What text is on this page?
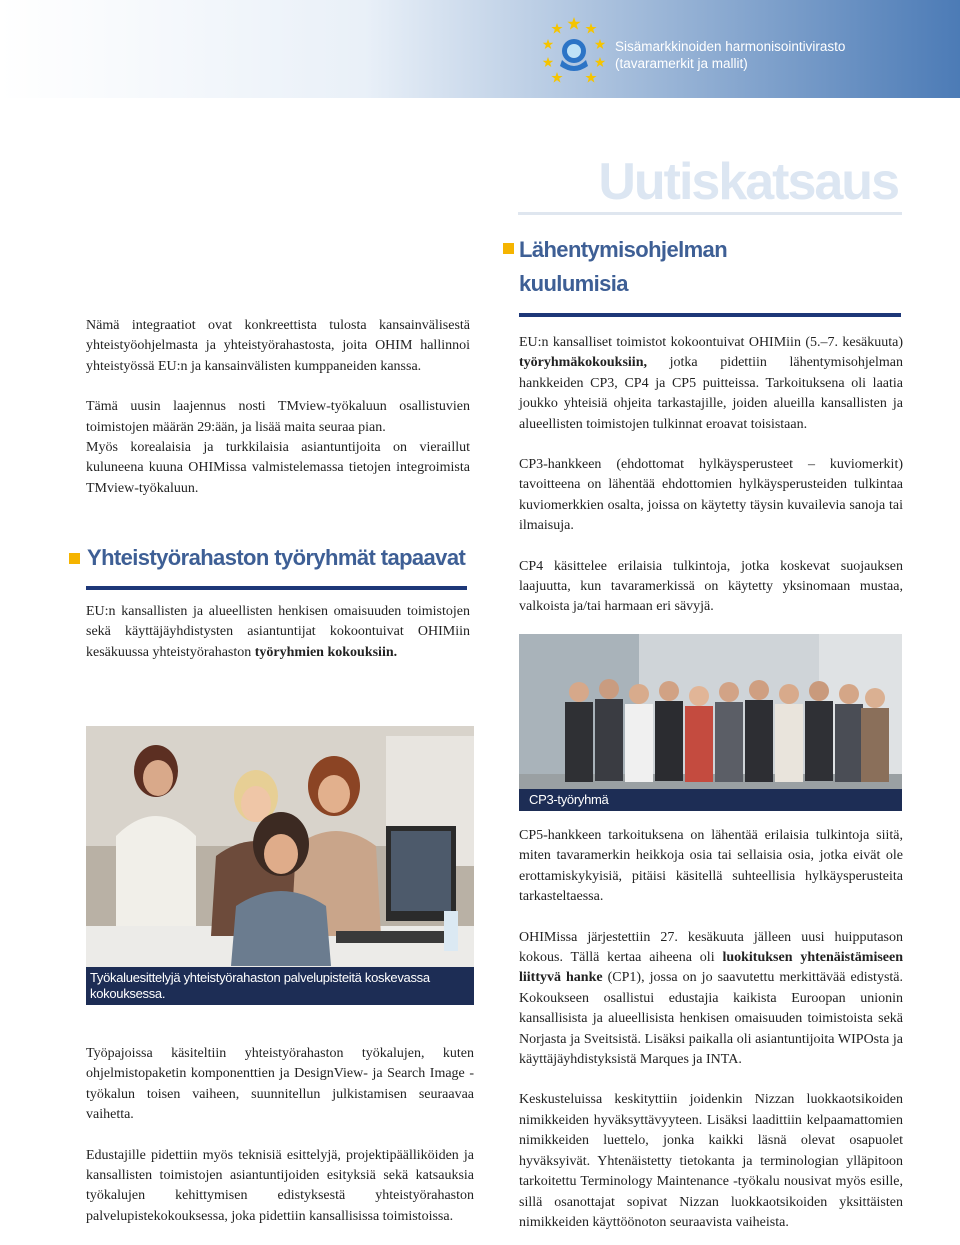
Sisämarkkinoiden harmonisointivirasto
(tavaramerkit ja mallit)
Uutiskatsaus

Nämä integraatiot ovat konkreettista tulosta kansainvälisestä yhteistyöohjelmasta ja yhteistyörahastosta, joita OHIM hallinnoi yhteistyössä EU:n ja kansainvälisten kumppaneiden kanssa.

Tämä uusin laajennus nosti TMview-työkaluun osallistuvien toimistojen määrän 29:ään, ja lisää maita seuraa pian.

Myös korealaisia ja turkkilaisia asiantuntijoita on vieraillut kuluneena kuuna OHIMissa valmistelemassa tietojen integroimista TMview-työkaluun.

Yhteistyörahaston työryhmät tapaavat

EU:n kansallisten ja alueellisten henkisen omaisuuden toimistojen sekä käyttäjäyhdistysten asiantuntijat kokoontuivat OHIMiin kesäkuussa yhteistyörahaston työryhmien kokouksiin.

Työkaluesittelyjä yhteistyörahaston palvelupisteitä koskevassa kokouksessa.

Työpajoissa käsiteltiin yhteistyörahaston työkalujen, kuten ohjelmistopaketin komponenttien ja DesignView- ja Search Image -työkalun toisen vaiheen, suunnitellun julkistamisen seuraavaa vaihetta.

Edustajille pidettiin myös teknisiä esittelyjä, projektipäälliköiden ja kansallisten toimistojen asiantuntijoiden esityksiä sekä katsauksia työkalujen kehittymisen edistyksestä yhteistyörahaston palvelupistekokouksessa, joka pidettiin kansallisissa toimistoissa.

Lähentymisohjelman
kuulumisia

EU:n kansalliset toimistot kokoontuivat OHIMiin (5.–7. kesäkuuta) työryhmäkokouksiin, jotka pidettiin lähentymisohjelman hankkeiden CP3, CP4 ja CP5 puitteissa. Tarkoituksena oli laatia joukko yhteisiä ohjeita tarkastajille, joiden alueilla kansallisten ja alueellisten toimistojen tulkinnat eroavat toisistaan.

CP3-hankkeen (ehdottomat hylkäysperusteet – kuviomerkit) tavoitteena on lähentää ehdottomien hylkäysperusteiden tulkintaa kuviomerkkien osalta, joissa on käytetty täysin kuvailevia sanoja tai ilmaisuja.

CP4 käsittelee erilaisia tulkintoja, jotka koskevat suojauksen laajuutta, kun tavaramerkissä on käytetty yksinomaan mustaa, valkoista ja/tai harmaan eri sävyjä.

CP3-työryhmä

CP5-hankkeen tarkoituksena on lähentää erilaisia tulkintoja siitä, miten tavaramerkin heikkoja osia tai sellaisia osia, jotka eivät ole erottamiskykyisiä, pitäisi käsitellä suhteellisia hylkäysperusteita tarkasteltaessa.

OHIMissa järjestettiin 27. kesäkuuta jälleen uusi huipputason kokous. Tällä kertaa aiheena oli luokituksen yhtenäistämiseen liittyvä hanke (CP1), jossa on jo saavutettu merkittävää edistystä. Kokoukseen osallistui edustajia kaikista Euroopan unionin kansallisista ja alueellisista henkisen omaisuuden toimistoista sekä Norjasta ja Sveitsistä. Lisäksi paikalla oli asiantuntijoita WIPOsta ja käyttäjäyhdistyksistä Marques ja INTA.

Keskusteluissa keskityttiin joidenkin Nizzan luokkaotsikoiden nimikkeiden hyväksyttävyyteen. Lisäksi laadittiin kelpaamattomien nimikkeiden luettelo, jonka kaikki läsnä olevat osapuolet hyväksyivät. Yhtenäistetty tietokanta ja terminologian ylläpitoon tarkoitettu Terminology Maintenance -työkalu nousivat myös esille, sillä osanottajat sopivat Nizzan luokkaotsikoiden yksittäisten nimikkeiden käyttöönoton seuraavista vaiheista.
